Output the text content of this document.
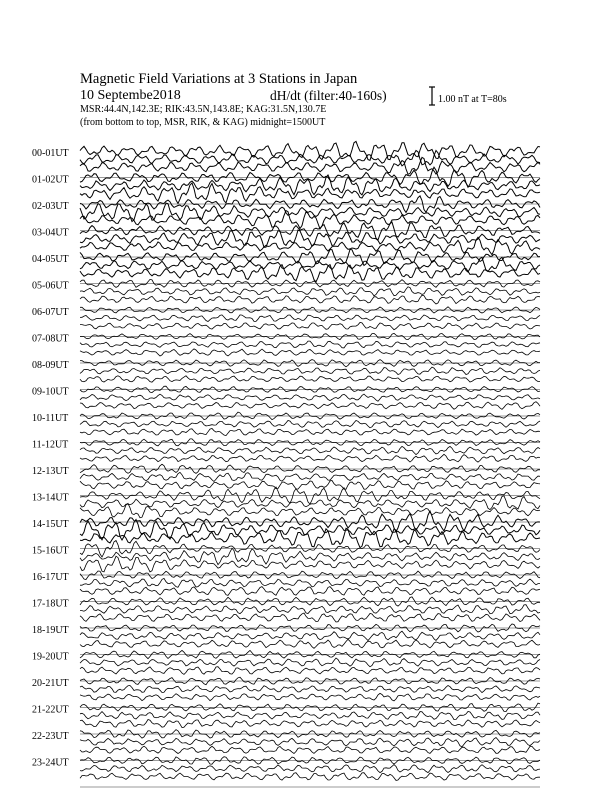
Magnetic Field Variations at 3 Stations in Japan
10 Septembe2018	dH/dt (filter:40-160s)
MSR:44.4N,142.3E; RIK:43.5N,143.8E; KAG:31.5N,130.7E
(from bottom to top, MSR, RIK, & KAG) midnight=1500UT
1.00 nT at T=80s
00-01UT
01-02UT
02-03UT
03-04UT
04-05UT
05-06UT
06-07UT
07-08UT
08-09UT
09-10UT
10-11UT
11-12UT
12-13UT
13-14UT
14-15UT
15-16UT
16-17UT
17-18UT
18-19UT
19-20UT
20-21UT
21-22UT
22-23UT
23-24UT
